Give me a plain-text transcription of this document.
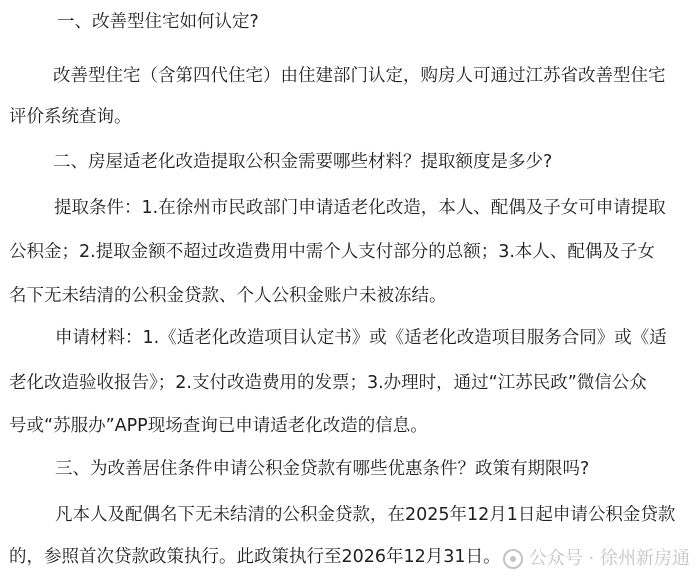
一、改善型住宅如何认定?
改善型住宅（含第四代住宅）由住建部门认定，购房人可通过江苏省改善型住宅
评价系统查询。
二、房屋适老化改造提取公积金需要哪些材料？提取额度是多少?
提取条件：1.在徐州市民政部门申请适老化改造，本人、配偶及子女可申请提取
公积金；2.提取金额不超过改造费用中需个人支付部分的总额；3.本人、配偶及子女
名下无未结清的公积金贷款、个人公积金账户未被冻结。
申请材料：1.《适老化改造项目认定书》或《适老化改造项目服务合同》或《适
老化改造验收报告》；2.支付改造费用的发票；3.办理时，通过“江苏民政”微信公众
号或“苏服办”APP现场查询已申请适老化改造的信息。
三、为改善居住条件申请公积金贷款有哪些优惠条件？政策有期限吗?
凡本人及配偶名下无未结清的公积金贷款，在2025年12月1日起申请公积金贷款
的，参照首次贷款政策执行。此政策执行至2026年12月31日。	公众号 · 徐州新房通
